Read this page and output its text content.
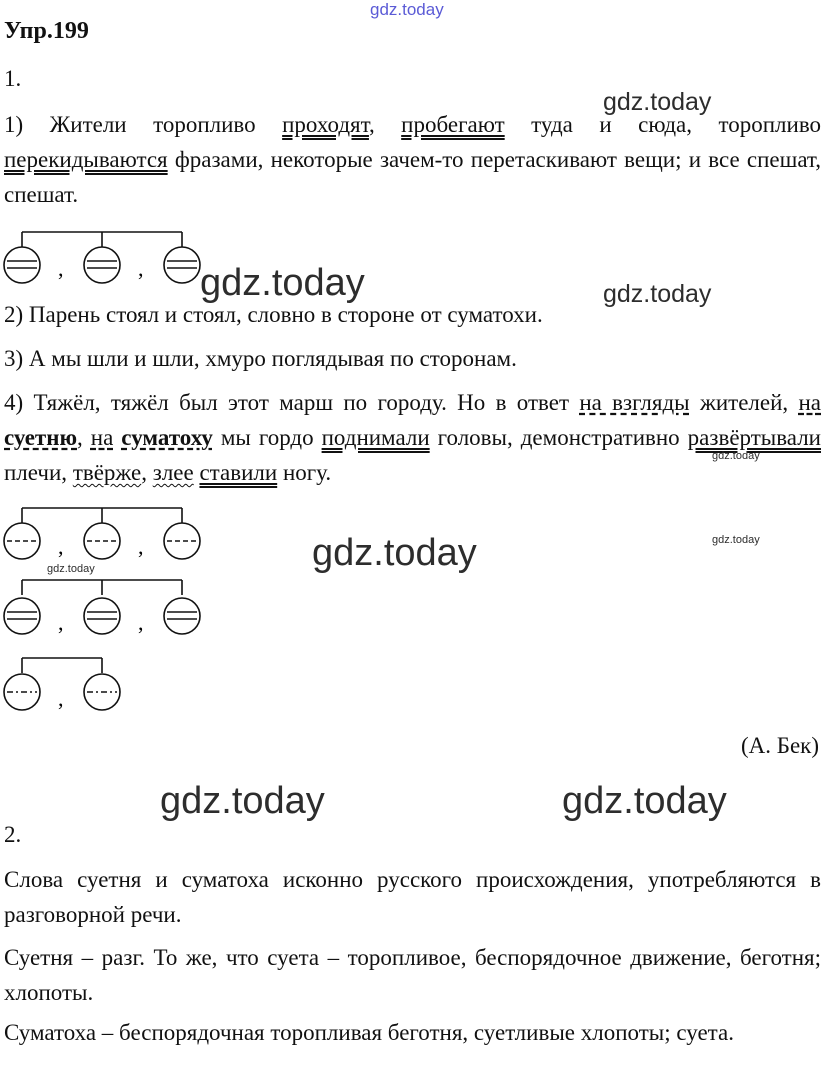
gdz.today
Упр.199
1.
gdz.today
1) Жители торопливо проходят, пробегают туда и сюда, торопливо перекидываются фразами, некоторые зачем-то перетаскивают вещи; и все спешат, спешат.
,	, gdz.today	gdz.today
2) Парень стоял и стоял, словно в стороне от суматохи.
3) А мы шли и шли, хмуро поглядывая по сторонам.
4) Тяжёл, тяжёл был этот марш по городу. Но в ответ на взгляды жителей, на суетню, на суматоху мы гордо поднимали головы, демонстративно развёртывали плечи, твёрже, злее ставили ногу.
gdz.today
,	,	gdz.today	gdz.today
gdz.today
,	,
,
(А. Бек)
gdz.today	gdz.today
2.
Слова суетня и суматоха исконно русского происхождения, употребляются в разговорной речи.
Суетня – разг. То же, что суета – торопливое, беспорядочное движение, беготня; хлопоты.
Суматоха – беспорядочная торопливая беготня, суетливые хлопоты; суета.
